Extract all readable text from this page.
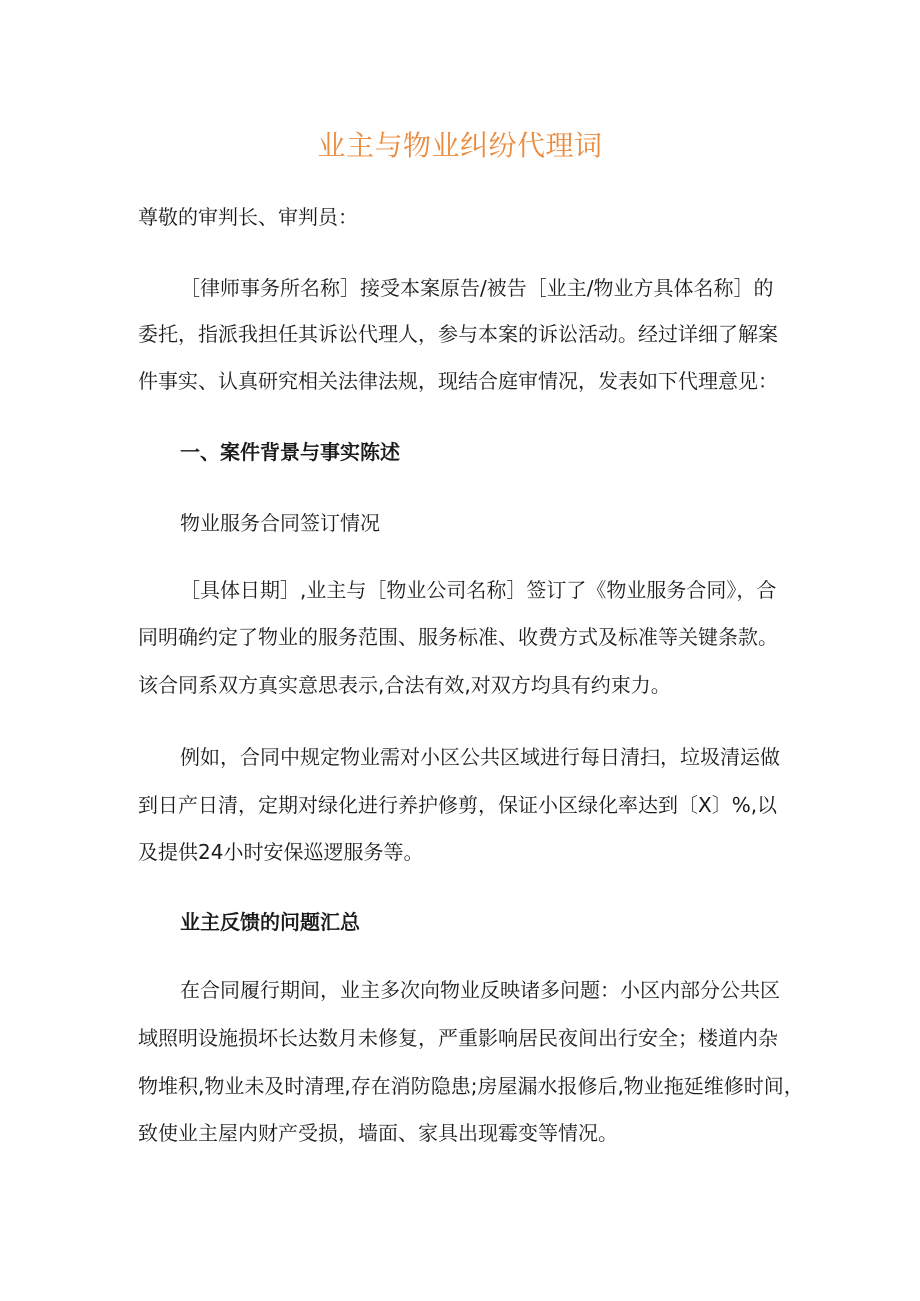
业主与物业纠纷代理词
尊敬的审判长、审判员：
［律师事务所名称］接受本案原告/被告［业主/物业方具体名称］的
委托，指派我担任其诉讼代理人，参与本案的诉讼活动。经过详细了解案
件事实、认真研究相关法律法规，现结合庭审情况，发表如下代理意见：
一、案件背景与事实陈述
物业服务合同签订情况
［具体日期］,业主与［物业公司名称］签订了《物业服务合同》，合
同明确约定了物业的服务范围、服务标准、收费方式及标准等关键条款。
该合同系双方真实意思表示,合法有效,对双方均具有约束力。
例如，合同中规定物业需对小区公共区域进行每日清扫，垃圾清运做
到日产日清，定期对绿化进行养护修剪，保证小区绿化率达到〔X〕%,以
及提供24小时安保巡逻服务等。
业主反馈的问题汇总
在合同履行期间，业主多次向物业反映诸多问题：小区内部分公共区
域照明设施损坏长达数月未修复，严重影响居民夜间出行安全；楼道内杂
物堆积,物业未及时清理,存在消防隐患;房屋漏水报修后,物业拖延维修时间，
致使业主屋内财产受损，墙面、家具出现霉变等情况。
